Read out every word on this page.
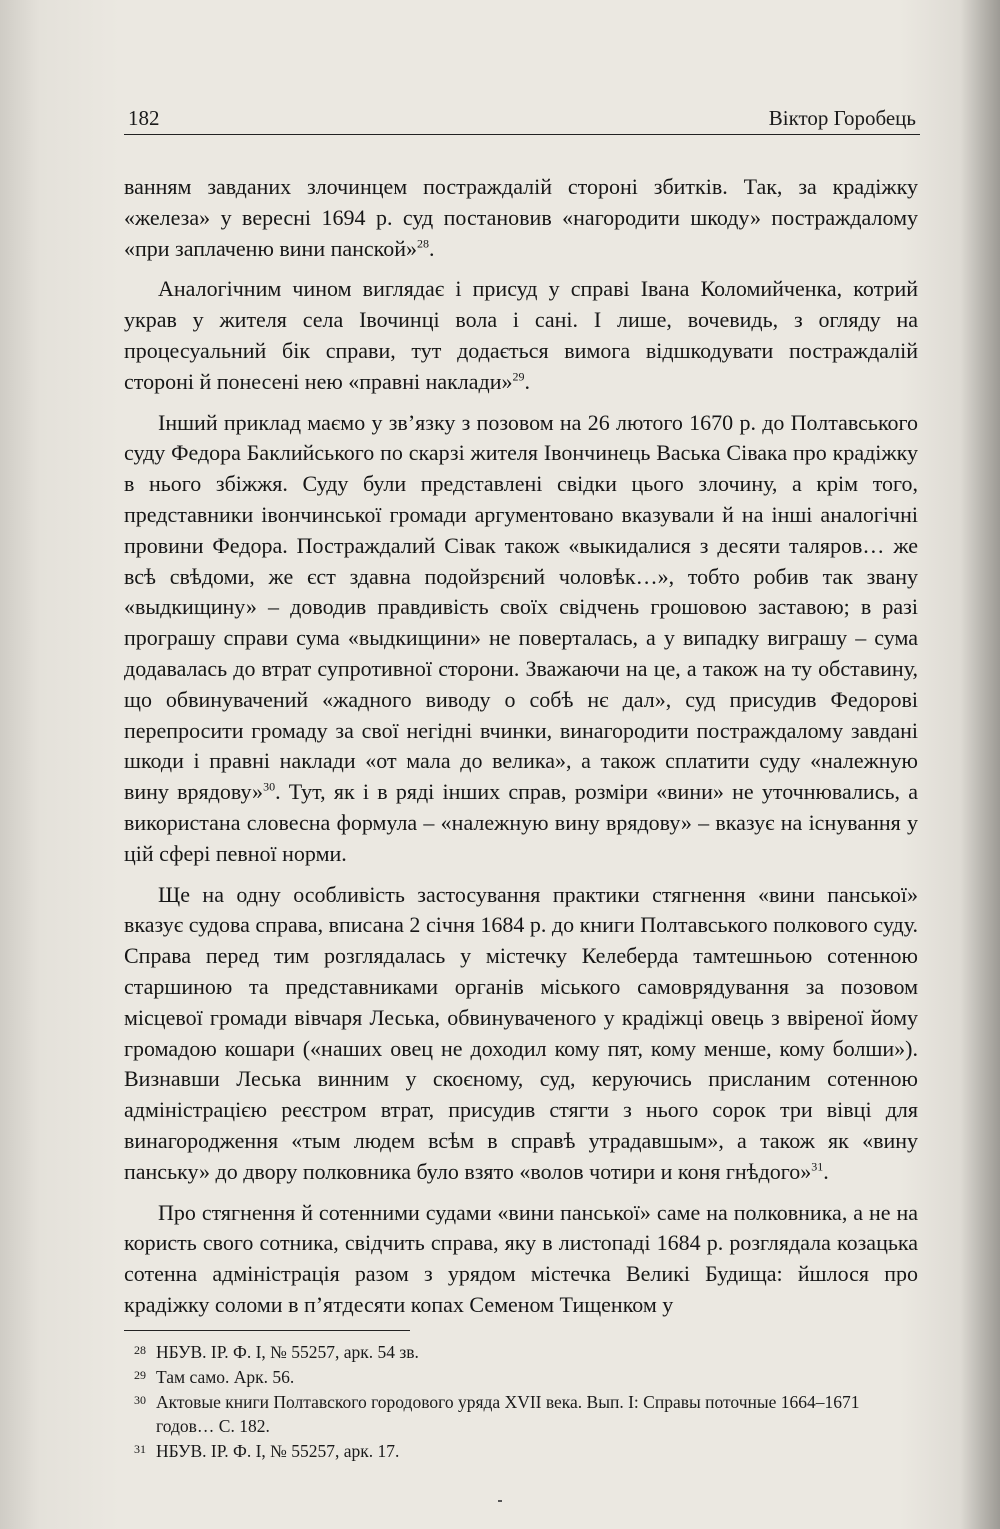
182	Віктор Горобець

ванням завданих злочинцем постраждалій стороні збитків. Так, за крадіжку «железа» у вересні 1694 р. суд постановив «нагородити шкоду» постраждалому «при заплаченю вини панской»$^{28}$.

Аналогічним чином виглядає і присуд у справі Івана Коломийченка, котрий украв у жителя села Івочинці вола і сані. І лише, вочевидь, з огляду на процесуальний бік справи, тут додається вимога відшкодувати постраждалій стороні й понесені нею «правні наклади»$^{29}$.

Інший приклад маємо у зв’язку з позовом на 26 лютого 1670 р. до Полтавського суду Федора Баклийського по скарзі жителя Івончинець Васька Сівака про крадіжку в нього збіжжя. Суду були представлені свідки цього злочину, а крім того, представники івончинської громади аргументовано вказували й на інші аналогічні провини Федора. Постраждалий Сівак також «выкидалися з десяти таляров… же всѣ свѣдоми, же єст здавна подойзрєний чоловѣк…», тобто робив так звану «выдкищину» – доводив правдивість своїх свідчень грошовою заставою; в разі програшу справи сума «выдкищини» не поверталась, а у випадку виграшу – сума додавалась до втрат супротивної сторони. Зважаючи на це, а також на ту обставину, що обвинувачений «жадного виводу о собѣ нє дал», суд присудив Федорові перепросити громаду за свої негідні вчинки, винагородити постраждалому завдані шкоди і правні наклади «от мала до велика», а також сплатити суду «належную вину врядову»$^{30}$. Тут, як і в ряді інших справ, розміри «вини» не уточнювались, а використана словесна формула – «належную вину врядову» – вказує на існування у цій сфері певної норми.

Ще на одну особливість застосування практики стягнення «вини панської» вказує судова справа, вписана 2 січня 1684 р. до книги Полтавського полкового суду. Справа перед тим розглядалась у містечку Келеберда тамтешньою сотенною старшиною та представниками органів міського самоврядування за позовом місцевої громади вівчаря Леська, обвинуваченого у крадіжці овець з ввіреної йому громадою кошари («наших овец не доходил кому пят, кому менше, кому болши»). Визнавши Леська винним у скоєному, суд, керуючись присланим сотенною адміністрацією реєстром втрат, присудив стягти з нього сорок три вівці для винагородження «тым людем всѣм в справѣ утрадавшым», а також як «вину панську» до двору полковника було взято «волов чотири и коня гнѣдого»$^{31}$.

Про стягнення й сотенними судами «вини панської» саме на полковника, а не на користь свого сотника, свідчить справа, яку в листопаді 1684 р. розглядала козацька сотенна адміністрація разом з урядом містечка Великі Будища: йшлося про крадіжку соломи в п’ятдесяти копах Семеном Тищенком у

28 НБУВ. ІР. Ф. І, № 55257, арк. 54 зв.
29 Там само. Арк. 56.
30 Актовые книги Полтавского городового уряда XVII века. Вып. I: Справы поточные 1664–1671 годов… С. 182.
31 НБУВ. ІР. Ф. І, № 55257, арк. 17.
